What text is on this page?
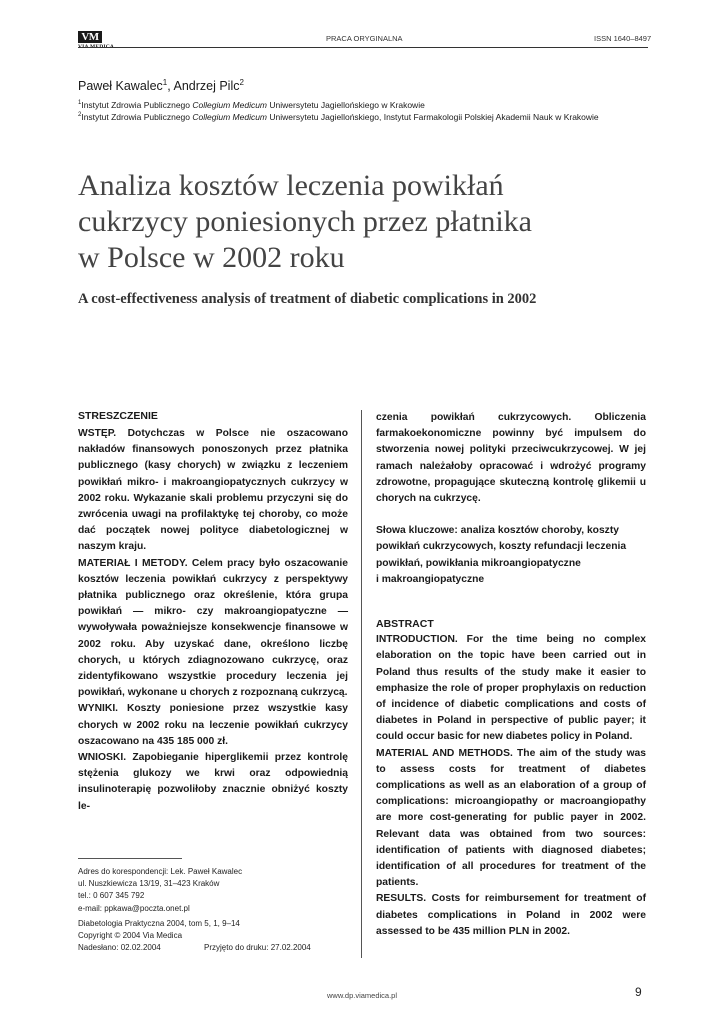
VM
VIA MEDICA
PRACA ORYGINALNA	ISSN 1640–8497
Paweł Kawalec$^1$, Andrzej Pilc$^2$
$^1$Instytut Zdrowia Publicznego Collegium Medicum Uniwersytetu Jagiellońskiego w Krakowie
$^2$Instytut Zdrowia Publicznego Collegium Medicum Uniwersytetu Jagiellońskiego, Instytut Farmakologii Polskiej Akademii Nauk w Krakowie
Analiza kosztów leczenia powikłań
cukrzycy poniesionych przez płatnika
w Polsce w 2002 roku
A cost-effectiveness analysis of treatment of diabetic complications in 2002
STRESZCZENIE

WSTĘP. Dotychczas w Polsce nie oszacowano nakładów finansowych ponoszonych przez płatnika publicznego (kasy chorych) w związku z leczeniem powikłań mikro- i makroangiopatycznych cukrzycy w 2002 roku. Wykazanie skali problemu przyczyni się do zwrócenia uwagi na profilaktykę tej choroby, co może dać początek nowej polityce diabetologicznej w naszym kraju.

MATERIAŁ I METODY. Celem pracy było oszacowanie kosztów leczenia powikłań cukrzycy z perspektywy płatnika publicznego oraz określenie, która grupa powikłań — mikro- czy makroangiopatyczne — wywoływała poważniejsze konsekwencje finansowe w 2002 roku. Aby uzyskać dane, określono liczbę chorych, u których zdiagnozowano cukrzycę, oraz zidentyfikowano wszystkie procedury leczenia jej powikłań, wykonane u chorych z rozpoznaną cukrzycą.

WYNIKI. Koszty poniesione przez wszystkie kasy chorych w 2002 roku na leczenie powikłań cukrzycy oszacowano na 435 185 000 zł.

WNIOSKI. Zapobieganie hiperglikemii przez kontrolę stężenia glukozy we krwi oraz odpowiednią insulinoterapię pozwoliłoby znacznie obniżyć koszty le-

czenia powikłań cukrzycowych. Obliczenia farmakoekonomiczne powinny być impulsem do stworzenia nowej polityki przeciwcukrzycowej. W jej ramach należałoby opracować i wdrożyć programy zdrowotne, propagujące skuteczną kontrolę glikemii u chorych na cukrzycę.

Słowa kluczowe: analiza kosztów choroby, koszty
powikłań cukrzycowych, koszty refundacji leczenia
powikłań, powikłania mikroangiopatyczne
i makroangiopatyczne
ABSTRACT

INTRODUCTION. For the time being no complex elaboration on the topic have been carried out in Poland thus results of the study make it easier to emphasize the role of proper prophylaxis on reduction of incidence of diabetic complications and costs of diabetes in Poland in perspective of public payer; it could occur basic for new diabetes policy in Poland.

MATERIAL AND METHODS. The aim of the study was to assess costs for treatment of diabetes complications as well as an elaboration of a group of complications: microangiopathy or macroangiopathy are more cost-generating for public payer in 2002. Relevant data was obtained from two sources: identification of patients with diagnosed diabetes; identification of all procedures for treatment of the patients.

RESULTS. Costs for reimbursement for treatment of diabetes complications in Poland in 2002 were assessed to be 435 million PLN in 2002.

Adres do korespondencji: Lek. Paweł Kawalec
ul. Nuszkiewicza 13/19, 31–423 Kraków
tel.: 0 607 345 792
e-mail: ppkawa@poczta.onet.pl
Diabetologia Praktyczna 2004, tom 5, 1, 9–14
Copyright © 2004 Via Medica
Nadesłano: 02.02.2004	Przyjęto do druku: 27.02.2004
www.dp.viamedica.pl	9
